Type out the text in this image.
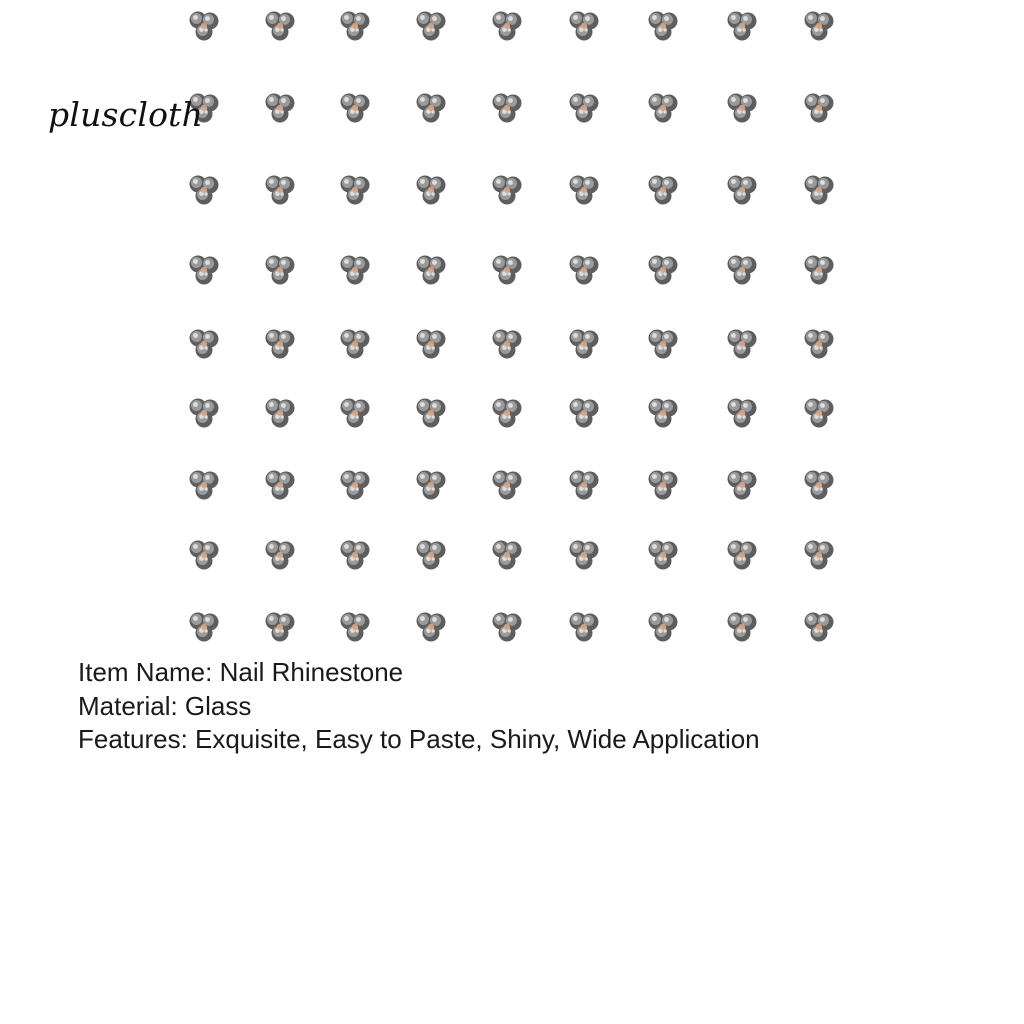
pluscloth
Item Name: Nail Rhinestone
Material: Glass
Features: Exquisite, Easy to Paste, Shiny, Wide Application
